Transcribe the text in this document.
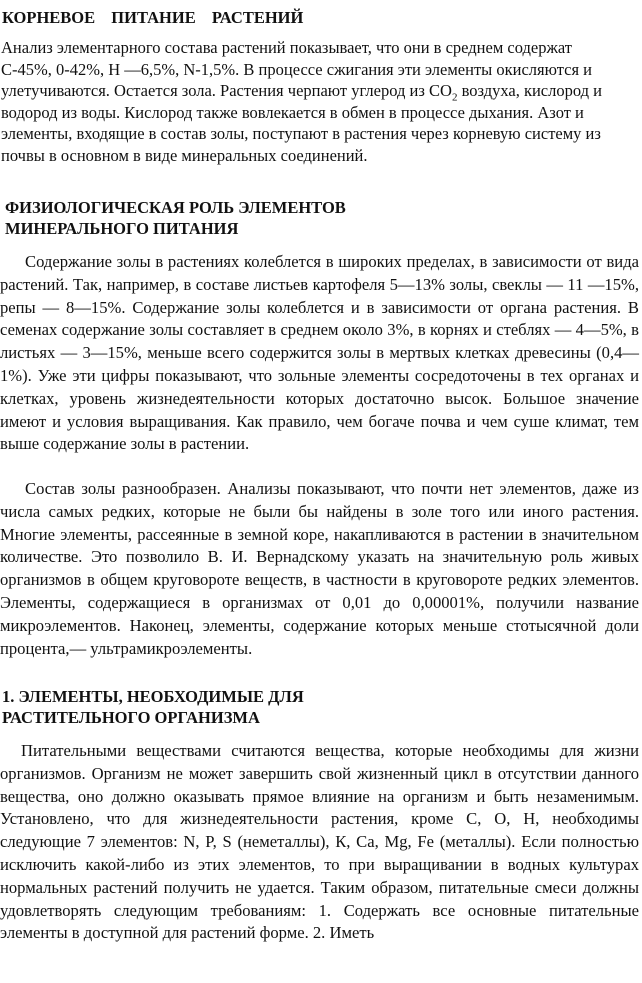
КОРНЕВОЕ ПИТАНИЕ РАСТЕНИЙ

Анализ элементарного состава растений показывает, что они в среднем содержат С-45%, 0-42%, Н —6,5%, N-1,5%. В процессе сжигания эти элементы окисляются и улетучиваются. Остается зола. Растения черпают углерод из $СО_2$ воздуха, кислород и водород из воды. Кислород также вовлекается в обмен в процессе дыхания. Азот и элементы, входящие в состав золы, поступают в растения через корневую систему из почвы в основном в виде минеральных соединений.

ФИЗИОЛОГИЧЕСКАЯ РОЛЬ ЭЛЕМЕНТОВ МИНЕРАЛЬНОГО ПИТАНИЯ

Содержание золы в растениях колеблется в широких пределах, в зависимости от вида растений. Так, например, в составе листьев картофеля 5—13% золы, свеклы — 11 —15%, репы — 8—15%. Содержание золы колеблется и в зависимости от органа растения. В семенах содержание золы составляет в среднем около 3%, в корнях и стеблях — 4—5%, в листьях — 3—15%, меньше всего содержится золы в мертвых клетках древесины (0,4—1%). Уже эти цифры показывают, что зольные элементы сосредоточены в тех органах и клетках, уровень жизнедеятельности которых достаточно высок. Большое значение имеют и условия выращивания. Как правило, чем богаче почва и чем суше климат, тем выше содержание золы в растении.

Состав золы разнообразен. Анализы показывают, что почти нет элементов, даже из числа самых редких, которые не были бы найдены в золе того или иного растения. Многие элементы, рассеянные в земной коре, накапливаются в растении в значительном количестве. Это позволило В. И. Вернадскому указать на значительную роль живых организмов в общем круговороте веществ, в частности в круговороте редких элементов. Элементы, содержащиеся в организмах от 0,01 до 0,00001%, получили название микроэлементов. Наконец, элементы, содержание которых меньше стотысячной доли процента,— ультрамикроэлементы.

1. ЭЛЕМЕНТЫ, НЕОБХОДИМЫЕ ДЛЯ РАСТИТЕЛЬНОГО ОРГАНИЗМА

Питательными веществами считаются вещества, которые необходимы для жизни организмов. Организм не может завершить свой жизненный цикл в отсутствии данного вещества, оно должно оказывать прямое влияние на организм и быть незаменимым. Установлено, что для жизнедеятельности растения, кроме С, О, Н, необходимы следующие 7 элементов: N, P, S (неметаллы), К, Ca, Mg, Fe (металлы). Если полностью исключить какой-либо из этих элементов, то при выращивании в водных культурах нормальных растений получить не удается. Таким образом, питательные смеси должны удовлетворять следующим требованиям: 1. Содержать все основные питательные элементы в доступной для растений форме. 2. Иметь
